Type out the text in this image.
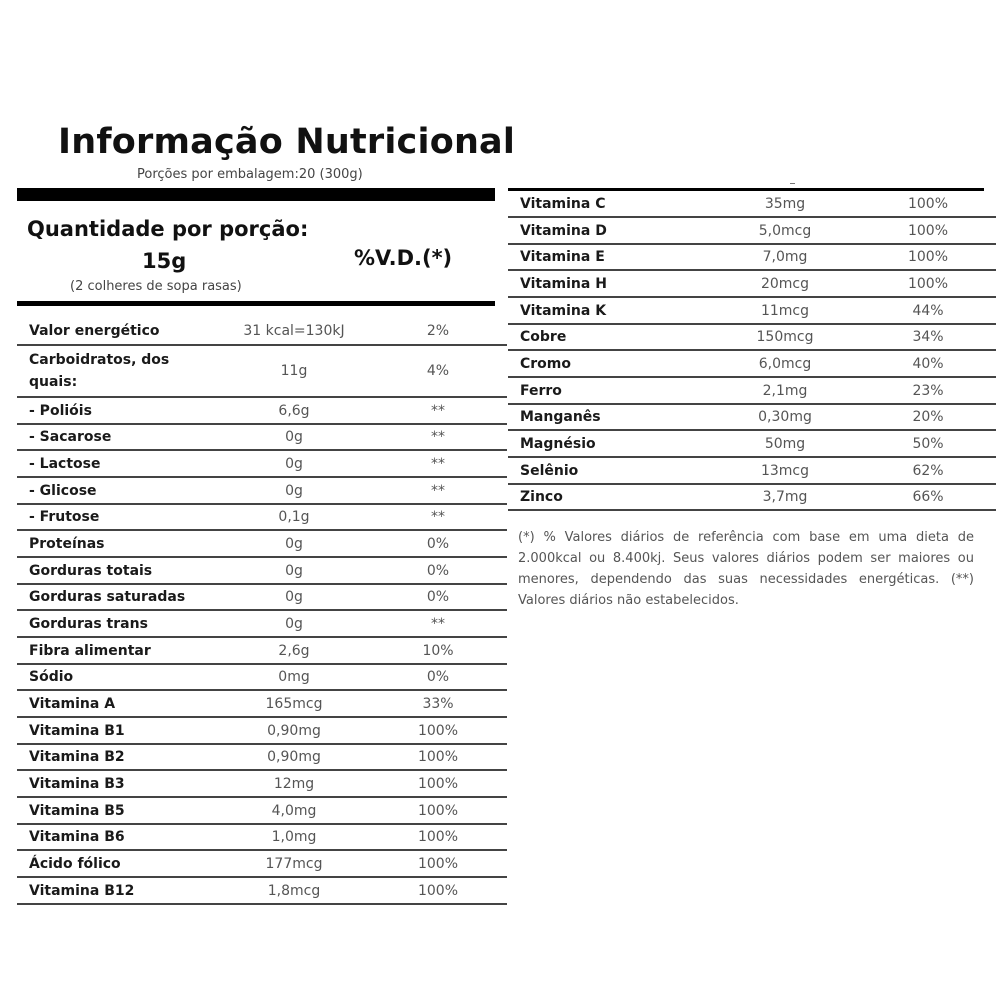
Informação Nutricional
Porções por embalagem:20 (300g)
Quantidade por porção:
15g	%V.D.(*)
(2 colheres de sopa rasas)
Valor energético	31 kcal=130kJ	2%
Carboidratos, dos quais:	11g	4%
- Polióis	6,6g	**
- Sacarose	0g	**
- Lactose	0g	**
- Glicose	0g	**
- Frutose	0,1g	**
Proteínas	0g	0%
Gorduras totais	0g	0%
Gorduras saturadas	0g	0%
Gorduras trans	0g	**
Fibra alimentar	2,6g	10%
Sódio	0mg	0%
Vitamina A	165mcg	33%
Vitamina B1	0,90mg	100%
Vitamina B2	0,90mg	100%
Vitamina B3	12mg	100%
Vitamina B5	4,0mg	100%
Vitamina B6	1,0mg	100%
Ácido fólico	177mcg	100%
Vitamina B12	1,8mcg	100%
Vitamina C	35mg	100%
Vitamina D	5,0mcg	100%
Vitamina E	7,0mg	100%
Vitamina H	20mcg	100%
Vitamina K	11mcg	44%
Cobre	150mcg	34%
Cromo	6,0mcg	40%
Ferro	2,1mg	23%
Manganês	0,30mg	20%
Magnésio	50mg	50%
Selênio	13mcg	62%
Zinco	3,7mg	66%
(*) % Valores diários de referência com base em uma dieta de 2.000kcal ou 8.400kj. Seus valores diários podem ser maiores ou menores, dependendo das suas necessidades energéticas. (**) Valores diários não estabelecidos.
